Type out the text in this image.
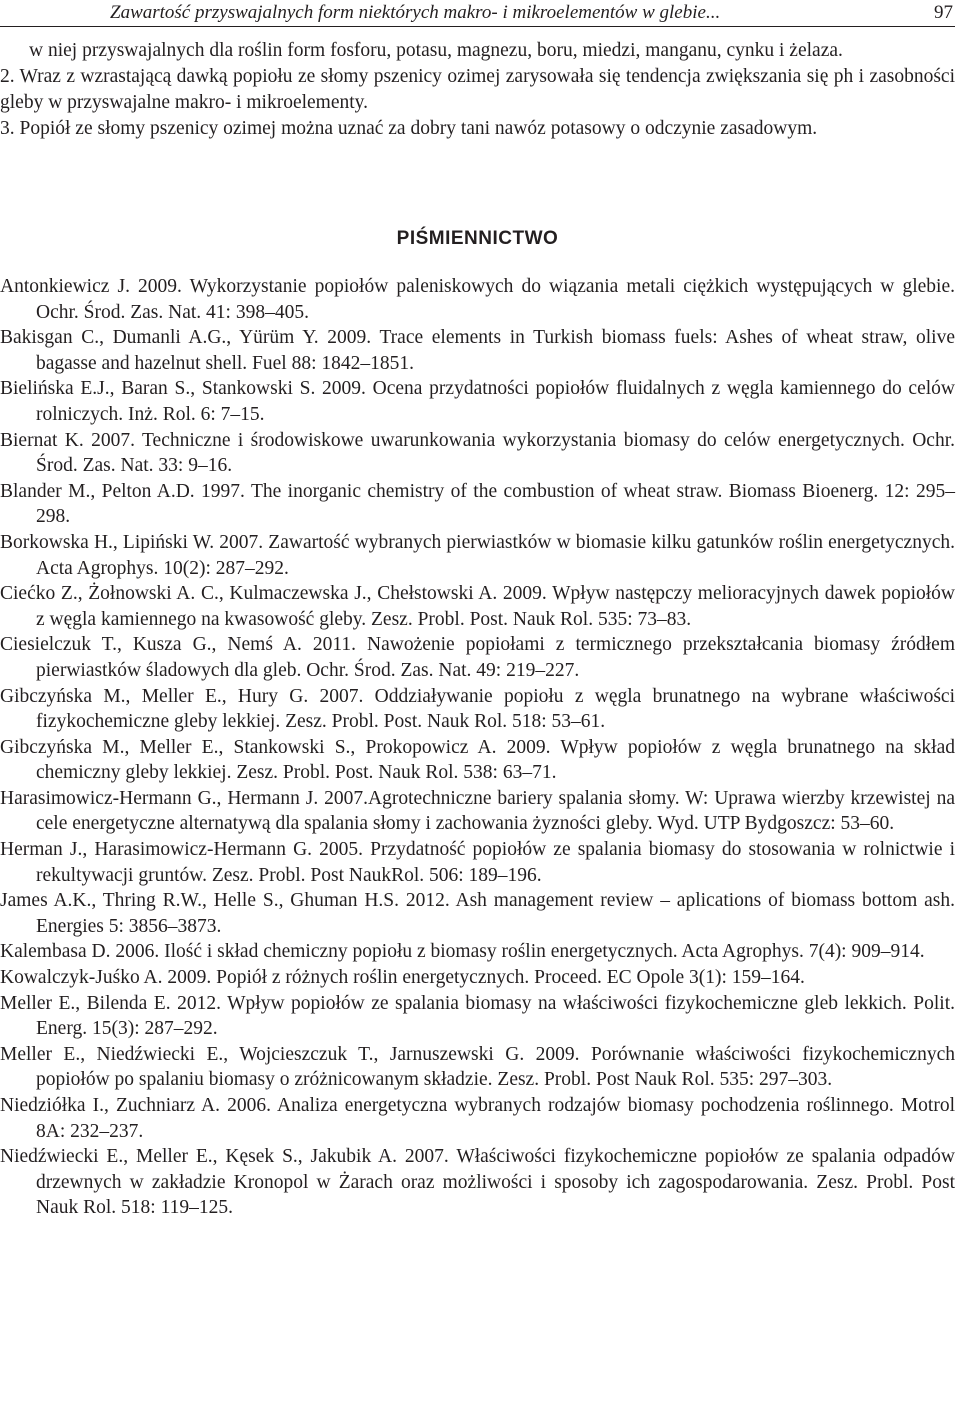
Zawartość przyswajalnych form niektórych makro- i mikroelementów w glebie...	97

w niej przyswajalnych dla roślin form fosforu, potasu, magnezu, boru, miedzi, manganu, cynku i żelaza.

2. Wraz z wzrastającą dawką popiołu ze słomy pszenicy ozimej zarysowała się tendencja zwiększania się ph i zasobności gleby w przyswajalne makro- i mikroelementy.

3. Popiół ze słomy pszenicy ozimej można uznać za dobry tani nawóz potasowy o odczynie zasadowym.

PIŚMIENNICTWO
Antonkiewicz J. 2009. Wykorzystanie popiołów paleniskowych do wiązania metali ciężkich występujących w glebie. Ochr. Środ. Zas. Nat. 41: 398–405.
Bakisgan C., Dumanli A.G., Yürüm Y. 2009. Trace elements in Turkish biomass fuels: Ashes of wheat straw, olive bagasse and hazelnut shell. Fuel 88: 1842–1851.
Bielińska E.J., Baran S., Stankowski S. 2009. Ocena przydatności popiołów fluidalnych z węgla kamiennego do celów rolniczych. Inż. Rol. 6: 7–15.
Biernat K. 2007. Techniczne i środowiskowe uwarunkowania wykorzystania biomasy do celów energetycznych. Ochr. Środ. Zas. Nat. 33: 9–16.
Blander M., Pelton A.D. 1997. The inorganic chemistry of the combustion of wheat straw. Biomass Bioenerg. 12: 295–298.
Borkowska H., Lipiński W. 2007. Zawartość wybranych pierwiastków w biomasie kilku gatunków roślin energetycznych. Acta Agrophys. 10(2): 287–292.
Ciećko Z., Żołnowski A. C., Kulmaczewska J., Chełstowski A. 2009. Wpływ następczy melioracyjnych dawek popiołów z węgla kamiennego na kwasowość gleby. Zesz. Probl. Post. Nauk Rol. 535: 73–83.
Ciesielczuk T., Kusza G., Nemś A. 2011. Nawożenie popiołami z termicznego przekształcania biomasy źródłem pierwiastków śladowych dla gleb. Ochr. Środ. Zas. Nat. 49: 219–227.
Gibczyńska M., Meller E., Hury G. 2007. Oddziaływanie popiołu z węgla brunatnego na wybrane właściwości fizykochemiczne gleby lekkiej. Zesz. Probl. Post. Nauk Rol. 518: 53–61.
Gibczyńska M., Meller E., Stankowski S., Prokopowicz A. 2009. Wpływ popiołów z węgla brunatnego na skład chemiczny gleby lekkiej. Zesz. Probl. Post. Nauk Rol. 538: 63–71.
Harasimowicz-Hermann G., Hermann J. 2007.Agrotechniczne bariery spalania słomy. W: Uprawa wierzby krzewistej na cele energetyczne alternatywą dla spalania słomy i zachowania żyzności gleby. Wyd. UTP Bydgoszcz: 53–60.
Herman J., Harasimowicz-Hermann G. 2005. Przydatność popiołów ze spalania biomasy do stosowania w rolnictwie i rekultywacji gruntów. Zesz. Probl. Post NaukRol. 506: 189–196.
James A.K., Thring R.W., Helle S., Ghuman H.S. 2012. Ash management review – aplications of biomass bottom ash. Energies 5: 3856–3873.
Kalembasa D. 2006. Ilość i skład chemiczny popiołu z biomasy roślin energetycznych. Acta Agrophys. 7(4): 909–914.
Kowalczyk-Juśko A. 2009. Popiół z różnych roślin energetycznych. Proceed. EC Opole 3(1): 159–164.
Meller E., Bilenda E. 2012. Wpływ popiołów ze spalania biomasy na właściwości fizykochemiczne gleb lekkich. Polit. Energ. 15(3): 287–292.
Meller E., Niedźwiecki E., Wojcieszczuk T., Jarnuszewski G. 2009. Porównanie właściwości fizykochemicznych popiołów po spalaniu biomasy o zróżnicowanym składzie. Zesz. Probl. Post Nauk Rol. 535: 297–303.
Niedziółka I., Zuchniarz A. 2006. Analiza energetyczna wybranych rodzajów biomasy pochodzenia roślinnego. Motrol 8A: 232–237.
Niedźwiecki E., Meller E., Kęsek S., Jakubik A. 2007. Właściwości fizykochemiczne popiołów ze spalania odpadów drzewnych w zakładzie Kronopol w Żarach oraz możliwości i sposoby ich zagospodarowania. Zesz. Probl. Post Nauk Rol. 518: 119–125.
